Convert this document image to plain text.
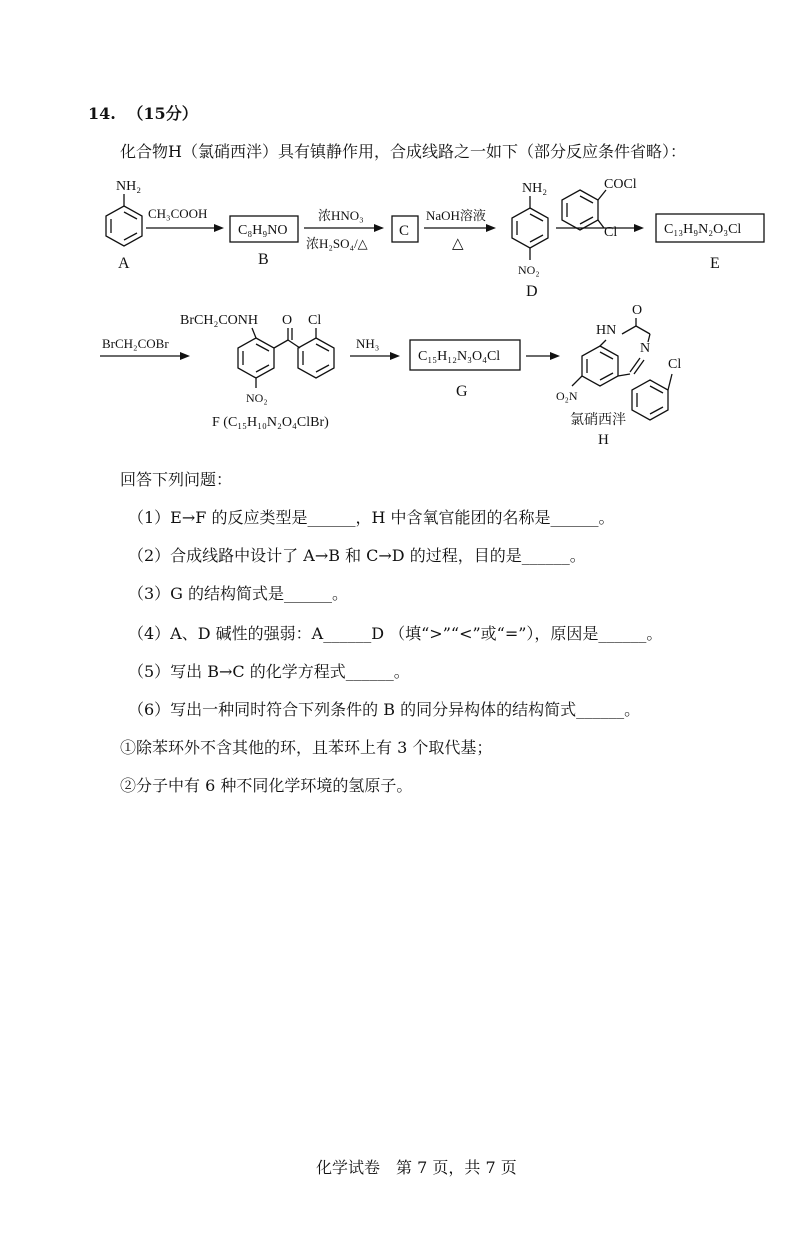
14. （15分）
化合物H（氯硝西泮）具有镇静作用，合成线路之一如下（部分反应条件省略）：
NH₂
A
CH₃COOH
C₈H₉NO
B
浓HNO₃
浓H₂SO₄/△
C
NaOH溶液
△
NH₂
NO₂
D
COCl
Cl	C₁₃H₉N₂O₃Cl
E
BrCH₂COBr
BrCH₂CONH O Cl
NO₂
F (C₁₅H₁₀N₂O₄ClBr)
NH₃
C₁₅H₁₂N₃O₄Cl
G
O
HN
N
Cl
O₂N
氯硝西泮
H
回答下列问题：
（1）E→F 的反应类型是______，H 中含氧官能团的名称是______。
（2）合成线路中设计了 A→B 和 C→D 的过程，目的是______。
（3）G 的结构简式是______。
（4）A、D 碱性的强弱：A______D （填“>”“<”或“=”），原因是______。
（5）写出 B→C 的化学方程式______。
（6）写出一种同时符合下列条件的 B 的同分异构体的结构简式______。
①除苯环外不含其他的环，且苯环上有 3 个取代基；
②分子中有 6 种不同化学环境的氢原子。
化学试卷　第 7 页，共 7 页
